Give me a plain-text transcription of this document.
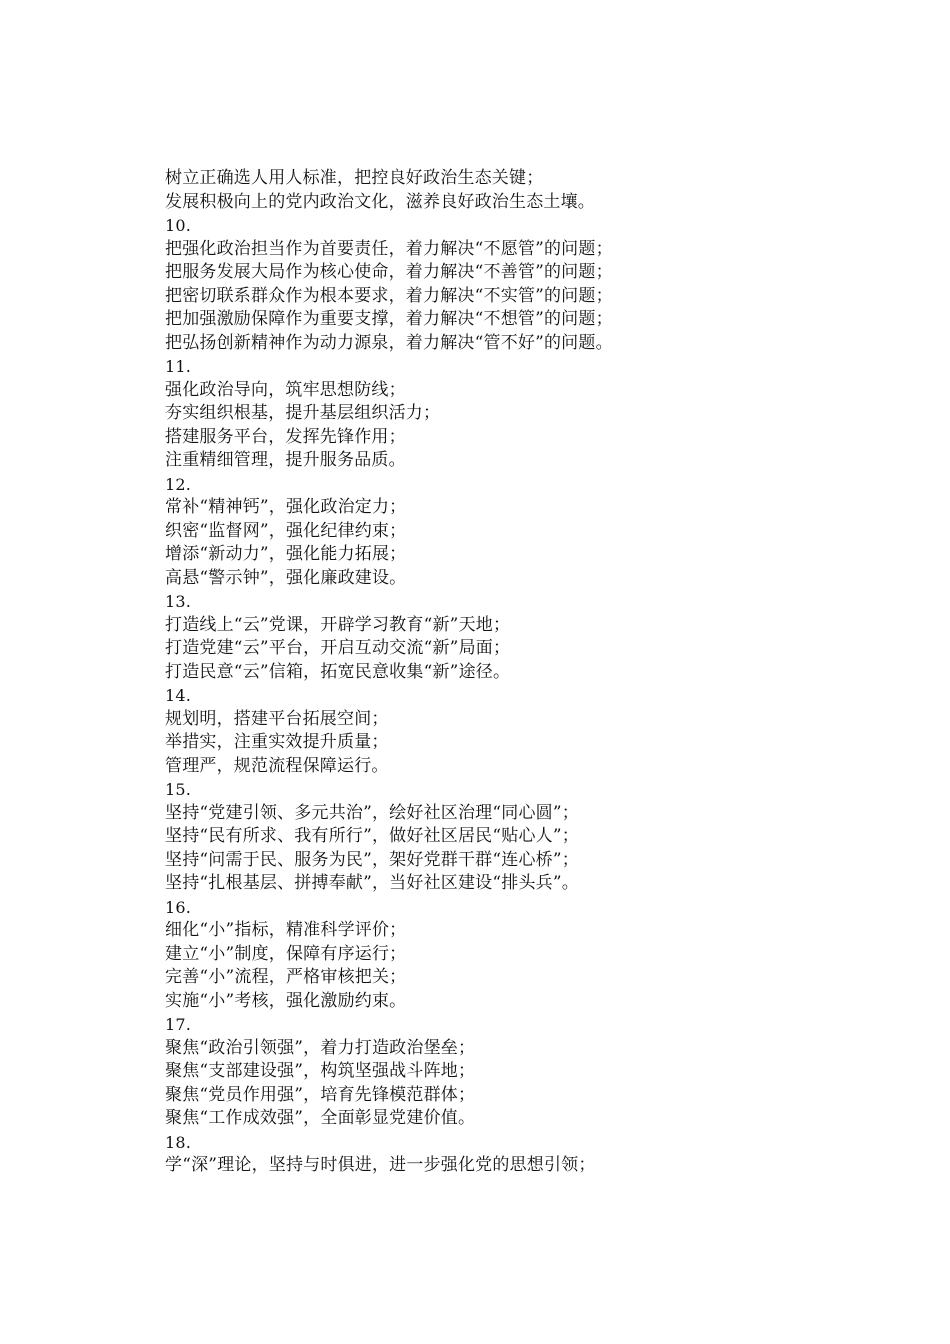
树立正确选人用人标准，把控良好政治生态关键；
发展积极向上的党内政治文化，滋养良好政治生态土壤。
10.
把强化政治担当作为首要责任，着力解决“不愿管”的问题；
把服务发展大局作为核心使命，着力解决“不善管”的问题；
把密切联系群众作为根本要求，着力解决“不实管”的问题；
把加强激励保障作为重要支撑，着力解决“不想管”的问题；
把弘扬创新精神作为动力源泉，着力解决“管不好”的问题。
11.
强化政治导向，筑牢思想防线；
夯实组织根基，提升基层组织活力；
搭建服务平台，发挥先锋作用；
注重精细管理，提升服务品质。
12.
常补“精神钙”，强化政治定力；
织密“监督网”，强化纪律约束；
增添“新动力”，强化能力拓展；
高悬“警示钟”，强化廉政建设。
13.
打造线上“云”党课，开辟学习教育“新”天地；
打造党建“云”平台，开启互动交流“新”局面；
打造民意“云”信箱，拓宽民意收集“新”途径。
14.
规划明，搭建平台拓展空间；
举措实，注重实效提升质量；
管理严，规范流程保障运行。
15.
坚持“党建引领、多元共治”，绘好社区治理“同心圆”；
坚持“民有所求、我有所行”，做好社区居民“贴心人”；
坚持“问需于民、服务为民”，架好党群干群“连心桥”；
坚持“扎根基层、拼搏奉献”，当好社区建设“排头兵”。
16.
细化“小”指标，精准科学评价；
建立“小”制度，保障有序运行；
完善“小”流程，严格审核把关；
实施“小”考核，强化激励约束。
17.
聚焦“政治引领强”，着力打造政治堡垒；
聚焦“支部建设强”，构筑坚强战斗阵地；
聚焦“党员作用强”，培育先锋模范群体；
聚焦“工作成效强”，全面彰显党建价值。
18.
学“深”理论，坚持与时俱进，进一步强化党的思想引领；
